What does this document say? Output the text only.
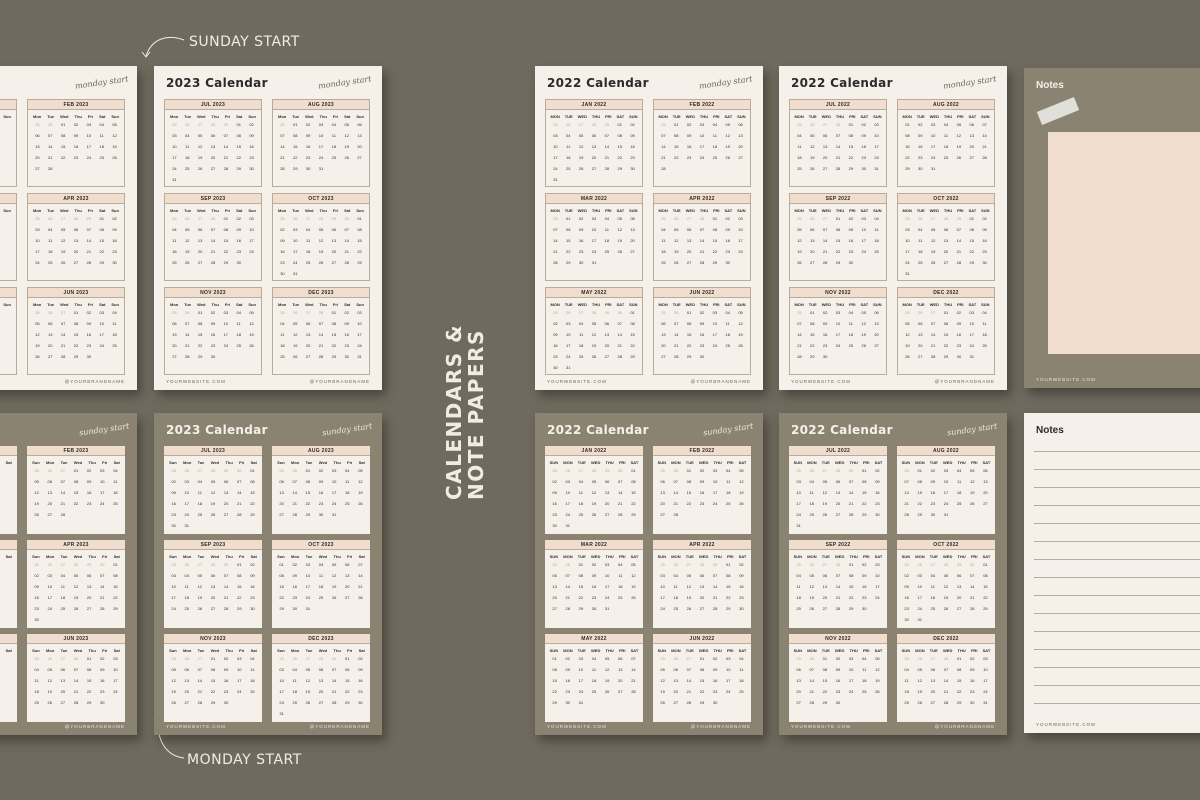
SUNDAY START
MONDAY START
CALENDARS &
NOTE PAPERS
monday start
Sun
FEB 2023
Mon Tue Wed Thu Fri Sat Sun
25	26	01	02	03	04	05
06	07	08	09	10	11	12
13	14	15	16	17	18	19
20	21	22	23	24	25	26
27	28
Sun
APR 2023
Mon Tue Wed Thu Fri Sat Sun
25	26	27	28	29	01	02
03	04	05	06	07	08	09
10	11	12	13	14	15	16
17	18	19	20	21	22	23
24	25	26	27	28	29	30
Sun
JUN 2023
Mon Tue Wed Thu Fri Sat Sun
25	26	27	01	02	03	04
05	06	07	08	09	10	11
12	13	14	15	16	17	18
19	20	21	22	23	24	25
26	27	28	29	30
@YOURBRANDNAME
2023 Calendar	monday start
JUL 2023
Mon Tue Wed Thu Fri Sat Sun
25	26	27	28	29	01	02
03	04	05	06	07	08	09
10	11	12	13	14	15	16
17	18	19	20	21	22	23
24	25	26	27	28	29	30
31
AUG 2023
Mon Tue Wed Thu Fri Sat Sun
25	01	02	03	04	05	06
07	08	09	10	11	12	13
14	15	16	17	18	19	20
21	22	23	24	25	26	27
28	29	30	31
SEP 2023
Mon Tue Wed Thu Fri Sat Sun
25	26	27	28	01	02	03
04	05	06	07	08	09	10
11	12	13	14	15	16	17
18	19	20	21	22	23	24
25	26	27	28	29	30
OCT 2023
Mon Tue Wed Thu Fri Sat Sun
25	26	27	28	29	30	01
02	03	04	05	06	07	08
09	10	11	12	13	14	15
16	17	18	19	20	21	22
23	24	25	26	27	28	29
30	31
NOV 2023
Mon Tue Wed Thu Fri Sat Sun
25	26	01	02	03	04	05
06	07	08	09	10	11	12
13	14	15	16	17	18	19
20	21	22	23	24	25	26
27	28	29	30
DEC 2023
Mon Tue Wed Thu Fri Sat Sun
25	26	27	28	01	02	03
04	05	06	07	08	09	10
11	12	13	14	15	16	17
18	19	20	21	22	23	24
25	26	27	28	29	30	31
YOURWEBSITE.COM	@YOURBRANDNAME
2022 Calendar	monday start
JAN 2022
MON TUE WED THU FRI SAT SUN
25	26	27	28	29	01	02
03	04	05	06	07	08	09
10	11	12	13	14	15	16
17	18	19	20	21	22	23
24	25	26	27	28	29	30
31
FEB 2022
MON TUE WED THU FRI SAT SUN
25	01	02	03	04	05	06
07	08	09	10	11	12	13
14	15	16	17	18	19	20
21	22	23	24	25	26	27
28
MAR 2022
MON TUE WED THU FRI SAT SUN
25	01	02	03	04	05	06
07	08	09	10	11	12	13
14	15	16	17	18	19	20
21	22	23	24	25	26	27
28	29	30	31
APR 2022
MON TUE WED THU FRI SAT SUN
25	26	27	28	01	02	03
04	05	06	07	08	09	10
11	12	13	14	15	16	17
18	19	20	21	22	23	24
25	26	27	28	29	30
MAY 2022
MON TUE WED THU FRI SAT SUN
25	26	27	28	29	30	01
02	03	04	05	06	07	08
09	10	11	12	13	14	15
16	17	18	19	20	21	22
23	24	25	26	27	28	29
30	31
JUN 2022
MON TUE WED THU FRI SAT SUN
25	26	01	02	03	04	05
06	07	08	09	10	11	12
13	14	15	16	17	18	19
20	21	22	23	24	25	26
27	28	29	30
YOURWEBSITE.COM	@YOURBRANDNAME
2022 Calendar	monday start
JUL 2022
MON TUE WED THU FRI SAT SUN
25	26	27	28	01	02	03
04	05	06	07	08	09	10
11	12	13	14	15	16	17
18	19	20	21	22	23	24
25	26	27	28	29	30	31
AUG 2022
MON TUE WED THU FRI SAT SUN
01	02	03	04	05	06	07
08	09	10	11	12	13	14
15	16	17	18	19	20	21
22	23	24	25	26	27	28
29	30	31
SEP 2022
MON TUE WED THU FRI SAT SUN
25	26	27	01	02	03	04
05	06	07	08	09	10	11
12	13	14	15	16	17	18
19	20	21	22	23	24	25
26	27	28	29	30
OCT 2022
MON TUE WED THU FRI SAT SUN
25	26	27	28	29	01	02
03	04	05	06	07	08	09
10	11	12	13	14	15	16
17	18	19	20	21	22	23
24	25	26	27	28	29	30
31
NOV 2022
MON TUE WED THU FRI SAT SUN
25	01	02	03	04	05	06
07	08	09	10	11	12	13
14	15	16	17	18	19	20
21	22	23	24	25	26	27
28	29	30
DEC 2022
MON TUE WED THU FRI SAT SUN
25	26	27	01	02	03	04
05	06	07	08	09	10	11
12	13	14	15	16	17	18
19	20	21	22	23	24	25
26	27	28	29	30	31
YOURWEBSITE.COM	@YOURBRANDNAME
sunday start
Sat
FEB 2023
Sun Mon Tue Wed Thu Fri Sat
25	26	27	01	02	03	04
05	06	07	08	09	10	11
12	13	14	15	16	17	18
19	20	21	22	23	24	25
26	27	28
Sat
APR 2023
Sun Mon Tue Wed Thu Fri Sat
25	26	27	28	29	30	01
02	03	04	05	06	07	08
09	10	11	12	13	14	15
16	17	18	19	20	21	22
23	24	25	26	27	28	29
30
Sat
JUN 2023
Sun Mon Tue Wed Thu Fri Sat
25	26	27	28	01	02	03
04	05	06	07	08	09	10
11	12	13	14	15	16	17
18	19	20	21	22	23	24
25	26	27	28	29	30
@YOURBRANDNAME
2023 Calendar	sunday start
JUL 2023
Sun Mon Tue Wed Thu Fri Sat
25	26	27	28	29	30	01
02	03	04	05	06	07	08
09	10	11	12	13	14	15
16	17	18	19	20	21	22
23	24	25	26	27	28	29
30	31
AUG 2023
Sun Mon Tue Wed Thu Fri Sat
25	26	01	02	03	04	05
06	07	08	09	10	11	12
13	14	15	16	17	18	19
20	21	22	23	24	25	26
27	28	29	30	31
SEP 2023
Sun Mon Tue Wed Thu Fri Sat
25	26	27	28	29	01	02
03	04	05	06	07	08	09
10	11	12	13	14	15	16
17	18	19	20	21	22	23
24	25	26	27	28	29	30
OCT 2023
Sun Mon Tue Wed Thu Fri Sat
01	02	03	04	05	06	07
08	09	10	11	12	13	14
15	16	17	18	19	20	21
22	23	24	25	26	27	28
29	30	31
NOV 2023
Sun Mon Tue Wed Thu Fri Sat
25	26	27	01	02	03	04
05	06	07	08	09	10	11
12	13	14	15	16	17	18
19	20	21	22	23	24	25
26	27	28	29	30
DEC 2023
Sun Mon Tue Wed Thu Fri Sat
25	26	27	28	29	01	02
03	04	05	06	07	08	09
10	11	12	13	14	15	16
17	18	19	20	21	22	23
24	25	26	27	28	29	30
31
YOURWEBSITE.COM	@YOURBRANDNAME
2022 Calendar	sunday start
JAN 2022
SUN MON TUE WED THU FRI SAT
25	26	27	28	29	30	01
02	03	04	05	06	07	08
09	10	11	12	13	14	15
16	17	18	19	20	21	22
23	24	25	26	27	28	29
30	31
FEB 2022
SUN MON TUE WED THU FRI SAT
25	26	01	02	03	04	05
06	07	08	09	10	11	12
13	14	15	16	17	18	19
20	21	22	23	24	25	26
27	28
MAR 2022
SUN MON TUE WED THU FRI SAT
25	26	01	02	03	04	05
06	07	08	09	10	11	12
13	14	15	16	17	18	19
20	21	22	23	24	25	26
27	28	29	30	31
APR 2022
SUN MON TUE WED THU FRI SAT
25	26	27	28	29	01	02
03	04	05	06	07	08	09
10	11	12	13	14	15	16
17	18	19	20	21	22	23
24	25	26	27	28	29	30
MAY 2022
SUN MON TUE WED THU FRI SAT
01	02	03	04	05	06	07
08	09	10	11	12	13	14
15	16	17	18	19	20	21
22	23	24	25	26	27	28
29	30	31
JUN 2022
SUN MON TUE WED THU FRI SAT
25	26	27	01	02	03	04
05	06	07	08	09	10	11
12	13	14	15	16	17	18
19	20	21	22	23	24	25
26	27	28	29	30
YOURWEBSITE.COM	@YOURBRANDNAME
2022 Calendar	sunday start
JUL 2022
SUN MON TUE WED THU FRI SAT
25	26	27	28	29	01	02
03	04	05	06	07	08	09
10	11	12	13	14	15	16
17	18	19	20	21	22	23
24	25	26	27	28	29	30
31
AUG 2022
SUN MON TUE WED THU FRI SAT
25	01	02	03	04	05	06
07	08	09	10	11	12	13
14	15	16	17	18	19	20
21	22	23	24	25	26	27
28	29	30	31
SEP 2022
SUN MON TUE WED THU FRI SAT
25	26	27	28	01	02	03
04	05	06	07	08	09	10
11	12	13	14	15	16	17
18	19	20	21	22	23	24
25	26	27	28	29	30
OCT 2022
SUN MON TUE WED THU FRI SAT
25	26	27	28	29	30	01
02	03	04	05	06	07	08
09	10	11	12	13	14	15
16	17	18	19	20	21	22
23	24	25	26	27	28	29
30	31
NOV 2022
SUN MON TUE WED THU FRI SAT
25	26	01	02	03	04	05
06	07	08	09	10	11	12
13	14	15	16	17	18	19
20	21	22	23	24	25	26
27	28	29	30
DEC 2022
SUN MON TUE WED THU FRI SAT
25	26	27	28	01	02	03
04	05	06	07	08	09	10
11	12	13	14	15	16	17
18	19	20	21	22	23	24
25	26	27	28	29	30	31
YOURWEBSITE.COM	@YOURBRANDNAME
Notes
YOURWEBSITE.COM
Notes
YOURWEBSITE.COM
